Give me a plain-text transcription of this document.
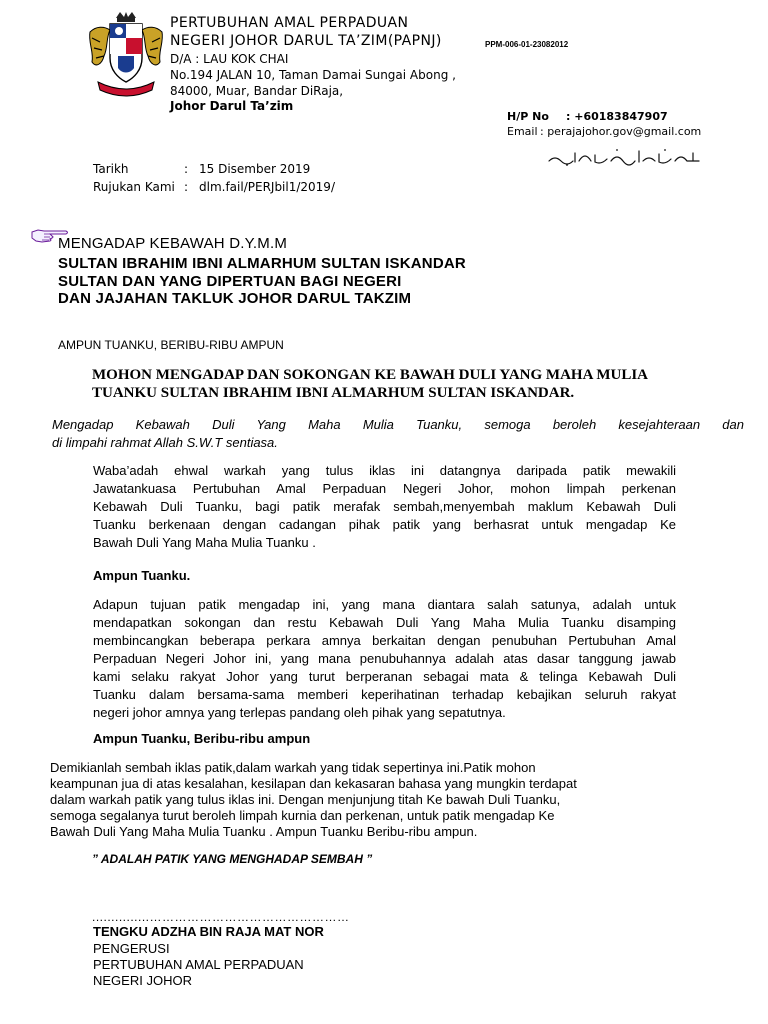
PERTUBUHAN AMAL PERPADUAN
NEGERI JOHOR DARUL TA’ZIM(PAPNJ)	PPM-006-01-23082012
D/A : LAU KOK CHAI
No.194 JALAN 10, Taman Damai Sungai Abong ,
84000, Muar, Bandar DiRaja,
Johor Darul Ta’zim
H/P No : +60183847907
Email : perajajohor.gov@gmail.com
Tarikh	: 15 Disember 2019
Rujukan Kami : dlm.fail/PERJbil1/2019/
MENGADAP KEBAWAH D.Y.M.M
SULTAN IBRAHIM IBNI ALMARHUM SULTAN ISKANDAR
SULTAN DAN YANG DIPERTUAN BAGI NEGERI
DAN JAJAHAN TAKLUK JOHOR DARUL TAKZIM
AMPUN TUANKU, BERIBU-RIBU AMPUN
MOHON MENGADAP DAN SOKONGAN KE BAWAH DULI YANG MAHA MULIA
TUANKU SULTAN IBRAHIM IBNI ALMARHUM SULTAN ISKANDAR.
Mengadap Kebawah Duli Yang Maha Mulia Tuanku, semoga beroleh kesejahteraan dan
di limpahi rahmat Allah S.W.T sentiasa.
Waba’adah ehwal warkah yang tulus iklas ini datangnya daripada patik mewakili
Jawatankuasa Pertubuhan Amal Perpaduan Negeri Johor, mohon limpah perkenan
Kebawah Duli Tuanku, bagi patik merafak sembah,menyembah maklum Kebawah Duli
Tuanku berkenaan dengan cadangan pihak patik yang berhasrat untuk mengadap Ke
Bawah Duli Yang Maha Mulia Tuanku .
Ampun Tuanku.
Adapun tujuan patik mengadap ini, yang mana diantara salah satunya, adalah untuk
mendapatkan sokongan dan restu Kebawah Duli Yang Maha Mulia Tuanku disamping
membincangkan beberapa perkara amnya berkaitan dengan penubuhan Pertubuhan Amal
Perpaduan Negeri Johor ini, yang mana penubuhannya adalah atas dasar tanggung jawab
kami selaku rakyat Johor yang turut berperanan sebagai mata & telinga Kebawah Duli
Tuanku dalam bersama-sama memberi keperihatinan terhadap kebajikan seluruh rakyat
negeri johor amnya yang terlepas pandang oleh pihak yang sepatutnya.
Ampun Tuanku, Beribu-ribu ampun
Demikianlah sembah iklas patik,dalam warkah yang tidak sepertinya ini.Patik mohon
keampunan jua di atas kesalahan, kesilapan dan kekasaran bahasa yang mungkin terdapat
dalam warkah patik yang tulus iklas ini. Dengan menjunjung titah Ke bawah Duli Tuanku,
semoga segalanya turut beroleh limpah kurnia dan perkenan, untuk patik mengadap Ke
Bawah Duli Yang Maha Mulia Tuanku . Ampun Tuanku Beribu-ribu ampun.
” ADALAH PATIK YANG MENGHADAP SEMBAH ”
...............…………………………………………
TENGKU ADZHA BIN RAJA MAT NOR
PENGERUSI
PERTUBUHAN AMAL PERPADUAN
NEGERI JOHOR
